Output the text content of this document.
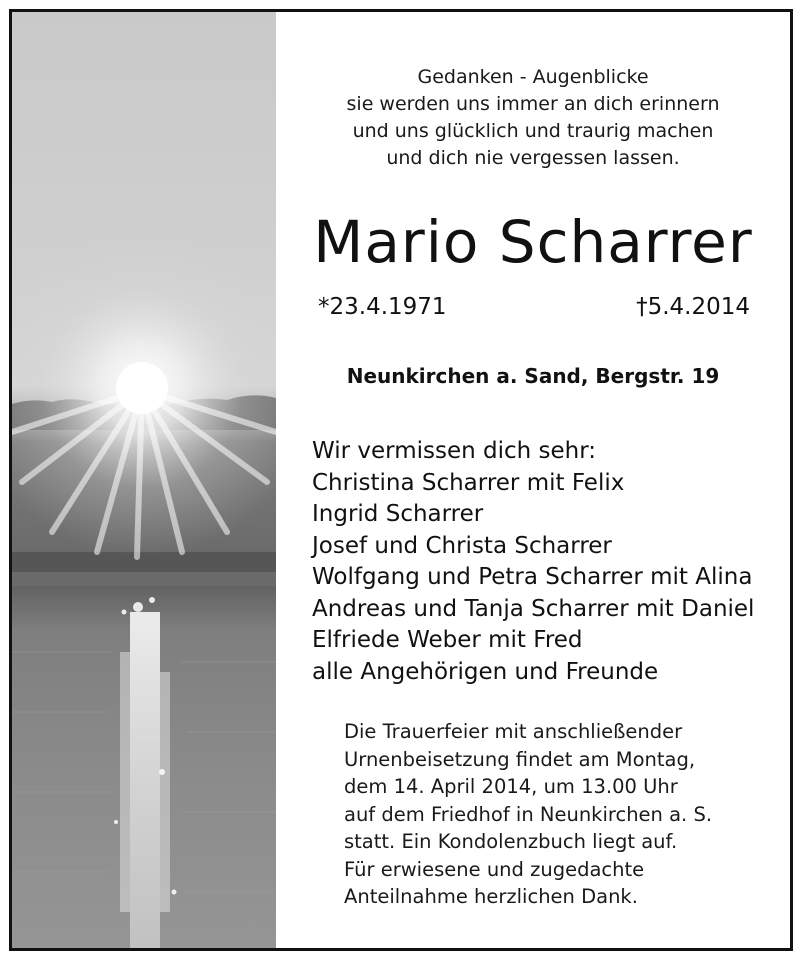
Gedanken - Augenblicke
sie werden uns immer an dich erinnern
und uns glücklich und traurig machen
und dich nie vergessen lassen.
Mario Scharrer
*23.4.1971	†5.4.2014
Neunkirchen a. Sand, Bergstr. 19
Wir vermissen dich sehr:
Christina Scharrer mit Felix
Ingrid Scharrer
Josef und Christa Scharrer
Wolfgang und Petra Scharrer mit Alina
Andreas und Tanja Scharrer mit Daniel
Elfriede Weber mit Fred
alle Angehörigen und Freunde
Die Trauerfeier mit anschließender
Urnenbeisetzung findet am Montag,
dem 14. April 2014, um 13.00 Uhr
auf dem Friedhof in Neunkirchen a. S.
statt. Ein Kondolenzbuch liegt auf.
Für erwiesene und zugedachte
Anteilnahme herzlichen Dank.
